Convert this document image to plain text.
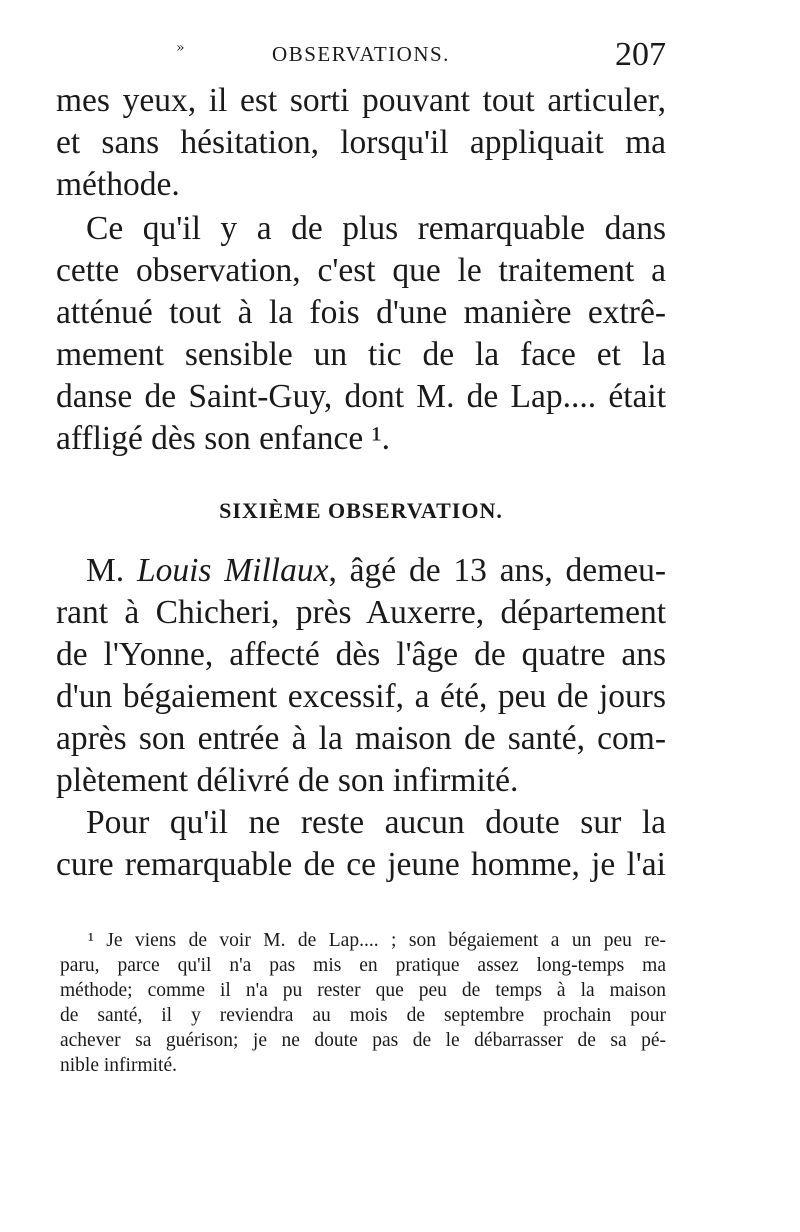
»	OBSERVATIONS.	207
mes yeux, il est sorti pouvant tout articuler,
et sans hésitation, lorsqu'il appliquait ma
méthode.
Ce qu'il y a de plus remarquable dans
cette observation, c'est que le traitement a
atténué tout à la fois d'une manière extrê-
mement sensible un tic de la face et la
danse de Saint-Guy, dont M. de Lap.... était
affligé dès son enfance ¹.
SIXIÈME OBSERVATION.
M. Louis Millaux, âgé de 13 ans, demeu-
rant à Chicheri, près Auxerre, département
de l'Yonne, affecté dès l'âge de quatre ans
d'un bégaiement excessif, a été, peu de jours
après son entrée à la maison de santé, com-
plètement délivré de son infirmité.
Pour qu'il ne reste aucun doute sur la
cure remarquable de ce jeune homme, je l'ai
¹ Je viens de voir M. de Lap.... ; son bégaiement a un peu re-
paru, parce qu'il n'a pas mis en pratique assez long-temps ma
méthode; comme il n'a pu rester que peu de temps à la maison
de santé, il y reviendra au mois de septembre prochain pour
achever sa guérison; je ne doute pas de le débarrasser de sa pé-
nible infirmité.
